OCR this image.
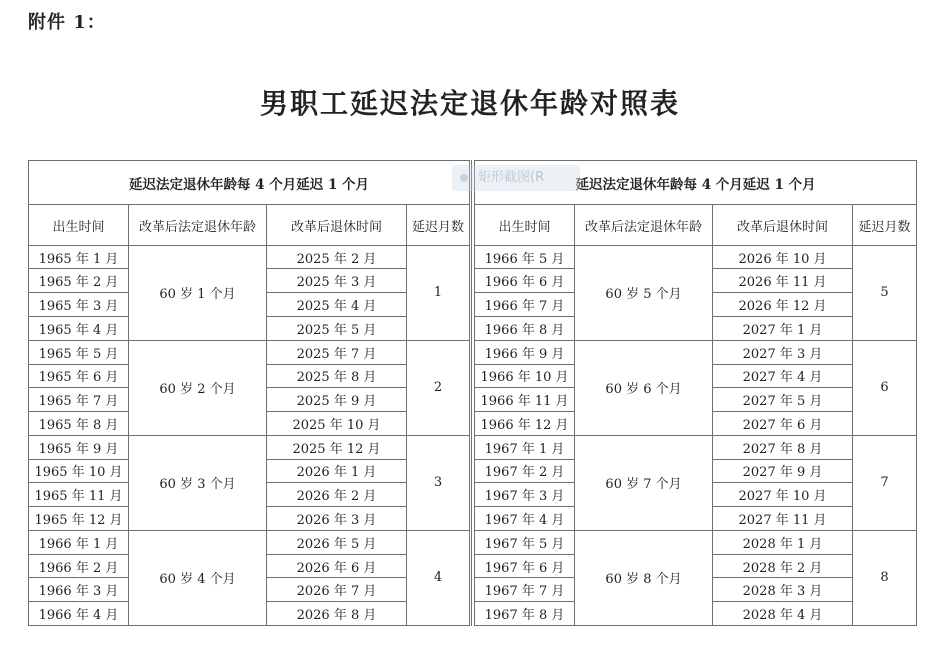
附件 1：
男职工延迟法定退休年龄对照表
延迟法定退休年龄每 4 个月延迟 1 个月			
出生时间	改革后法定退休年龄	改革后退休时间	延迟月数
1965 年 1 月	60 岁 1 个月	2025 年 2 月	1
1965 年 2 月		2025 年 3 月	
1965 年 3 月		2025 年 4 月	
1965 年 4 月		2025 年 5 月	
1965 年 5 月	60 岁 2 个月	2025 年 7 月	2
1965 年 6 月		2025 年 8 月	
1965 年 7 月		2025 年 9 月	
1965 年 8 月		2025 年 10 月	
1965 年 9 月	60 岁 3 个月	2025 年 12 月	3
1965 年 10 月		2026 年 1 月	
1965 年 11 月		2026 年 2 月	
1965 年 12 月		2026 年 3 月	
1966 年 1 月	60 岁 4 个月	2026 年 5 月	4
1966 年 2 月		2026 年 6 月	
1966 年 3 月		2026 年 7 月	
1966 年 4 月		2026 年 8 月	
延迟法定退休年龄每 4 个月延迟 1 个月			
出生时间	改革后法定退休年龄	改革后退休时间	延迟月数
1966 年 5 月	60 岁 5 个月	2026 年 10 月	5
1966 年 6 月		2026 年 11 月	
1966 年 7 月		2026 年 12 月	
1966 年 8 月		2027 年 1 月	
1966 年 9 月	60 岁 6 个月	2027 年 3 月	6
1966 年 10 月		2027 年 4 月	
1966 年 11 月		2027 年 5 月	
1966 年 12 月		2027 年 6 月	
1967 年 1 月	60 岁 7 个月	2027 年 8 月	7
1967 年 2 月		2027 年 9 月	
1967 年 3 月		2027 年 10 月	
1967 年 4 月		2027 年 11 月	
1967 年 5 月	60 岁 8 个月	2028 年 1 月	8
1967 年 6 月		2028 年 2 月	
1967 年 7 月		2028 年 3 月	
1967 年 8 月		2028 年 4 月	
矩形截图(R
